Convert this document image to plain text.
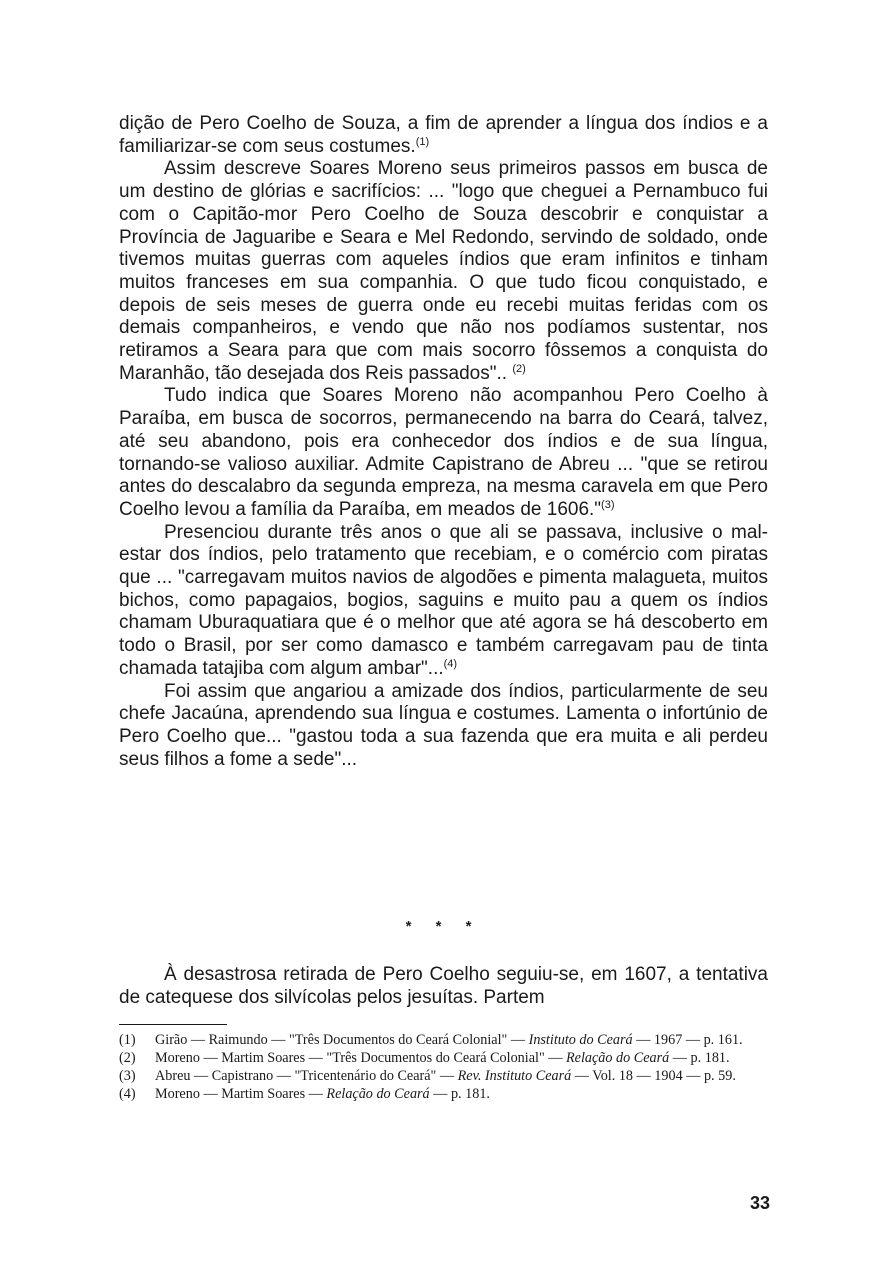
dição de Pero Coelho de Souza, a fim de aprender a língua dos índios e a familiarizar-se com seus costumes.$^{(1)}$

Assim descreve Soares Moreno seus primeiros passos em busca de um destino de glórias e sacrifícios: ... "logo que cheguei a Pernambuco fui com o Capitão-mor Pero Coelho de Souza descobrir e conquistar a Província de Jaguaribe e Seara e Mel Redondo, servindo de soldado, onde tivemos muitas guerras com aqueles índios que eram infinitos e tinham muitos franceses em sua companhia. O que tudo ficou conquistado, e depois de seis meses de guerra onde eu recebi muitas feridas com os demais companheiros, e vendo que não nos podíamos sustentar, nos retiramos a Seara para que com mais socorro fôssemos a conquista do Maranhão, tão desejada dos Reis passados".. $^{(2)}$

Tudo indica que Soares Moreno não acompanhou Pero Coelho à Paraíba, em busca de socorros, permanecendo na barra do Ceará, talvez, até seu abandono, pois era conhecedor dos índios e de sua língua, tornando-se valioso auxiliar. Admite Capistrano de Abreu ... "que se retirou antes do descalabro da segunda empreza, na mesma caravela em que Pero Coelho levou a família da Paraíba, em meados de 1606."$^{(3)}$

Presenciou durante três anos o que ali se passava, inclusive o mal-estar dos índios, pelo tratamento que recebiam, e o comércio com piratas que ... "carregavam muitos navios de algodões e pimenta malagueta, muitos bichos, como papagaios, bogios, saguins e muito pau a quem os índios chamam Uburaquatiara que é o melhor que até agora se há descoberto em todo o Brasil, por ser como damasco e também carregavam pau de tinta chamada tatajiba com algum ambar"...$^{(4)}$

Foi assim que angariou a amizade dos índios, particularmente de seu chefe Jacaúna, aprendendo sua língua e costumes. Lamenta o infortúnio de Pero Coelho que... "gastou toda a sua fazenda que era muita e ali perdeu seus filhos a fome a sede"...

* * *

À desastrosa retirada de Pero Coelho seguiu-se, em 1607, a tentativa de catequese dos silvícolas pelos jesuítas. Partem

(1) Girão — Raimundo — "Três Documentos do Ceará Colonial" — Instituto do Ceará — 1967 — p. 161.
(2) Moreno — Martim Soares — "Três Documentos do Ceará Colonial" — Relação do Ceará — p. 181.
(3) Abreu — Capistrano — "Tricentenário do Ceará" — Rev. Instituto Ceará — Vol. 18 — 1904 — p. 59.
(4) Moreno — Martim Soares — Relação do Ceará — p. 181.
33
